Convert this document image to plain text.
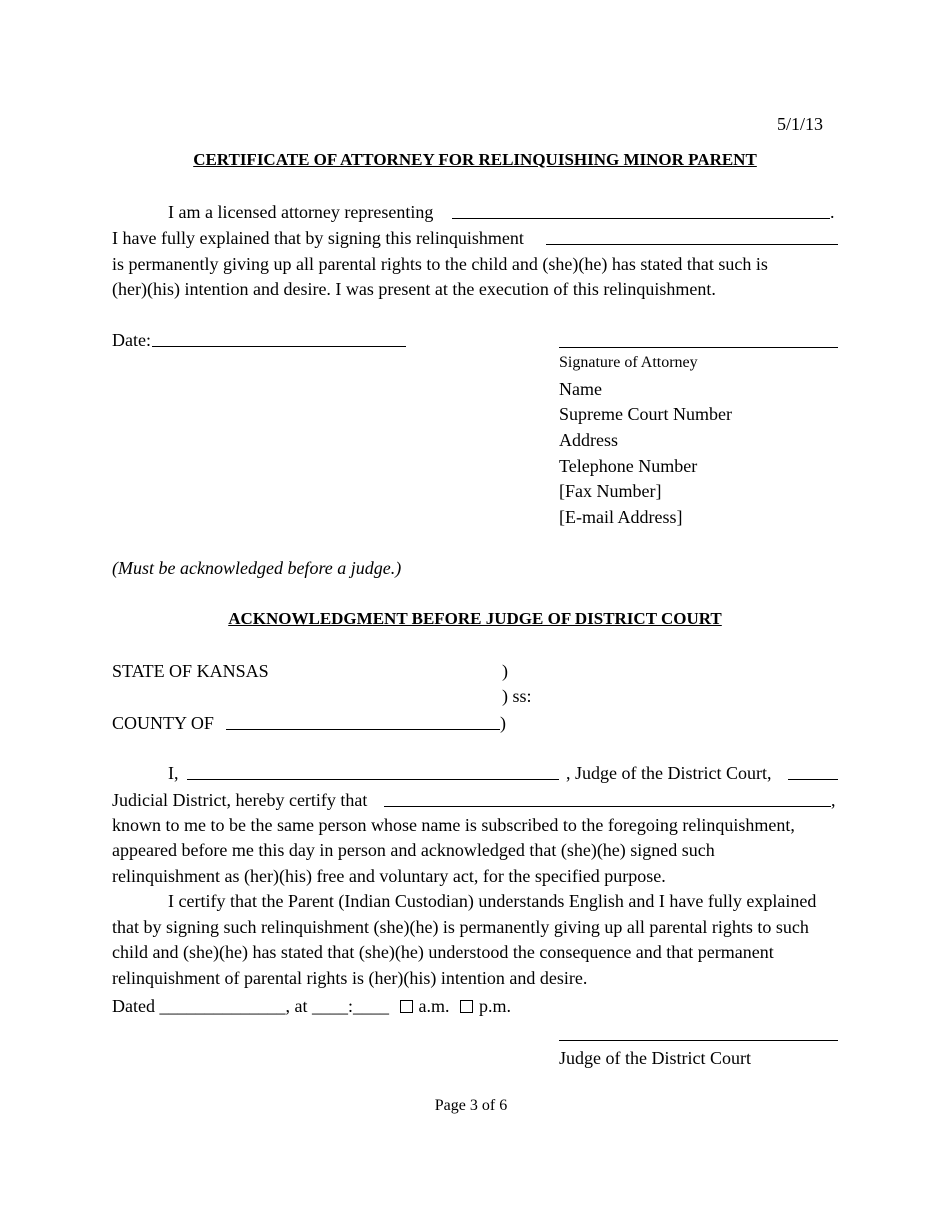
5/1/13
CERTIFICATE OF ATTORNEY FOR RELINQUISHING MINOR PARENT
I am a licensed attorney representing	.
I have fully explained that by signing this relinquishment
is permanently giving up all parental rights to the child and (she)(he) has stated that such is
(her)(his) intention and desire. I was present at the execution of this relinquishment.
Date:
Signature of Attorney
Name
Supreme Court Number
Address
Telephone Number
[Fax Number]
[E-mail Address]
(Must be acknowledged before a judge.)
ACKNOWLEDGMENT BEFORE JUDGE OF DISTRICT COURT
STATE OF KANSAS	)
) ss:
COUNTY OF	)
I,	, Judge of the District Court,
Judicial District, hereby certify that	,
known to me to be the same person whose name is subscribed to the foregoing relinquishment,
appeared before me this day in person and acknowledged that (she)(he) signed such
relinquishment as (her)(his) free and voluntary act, for the specified purpose.
I certify that the Parent (Indian Custodian) understands English and I have fully explained
that by signing such relinquishment (she)(he) is permanently giving up all parental rights to such
child and (she)(he) has stated that (she)(he) understood the consequence and that permanent
relinquishment of parental rights is (her)(his) intention and desire.
Dated ______________, at ____:____ a.m. p.m.
Judge of the District Court
Page 3 of 6
